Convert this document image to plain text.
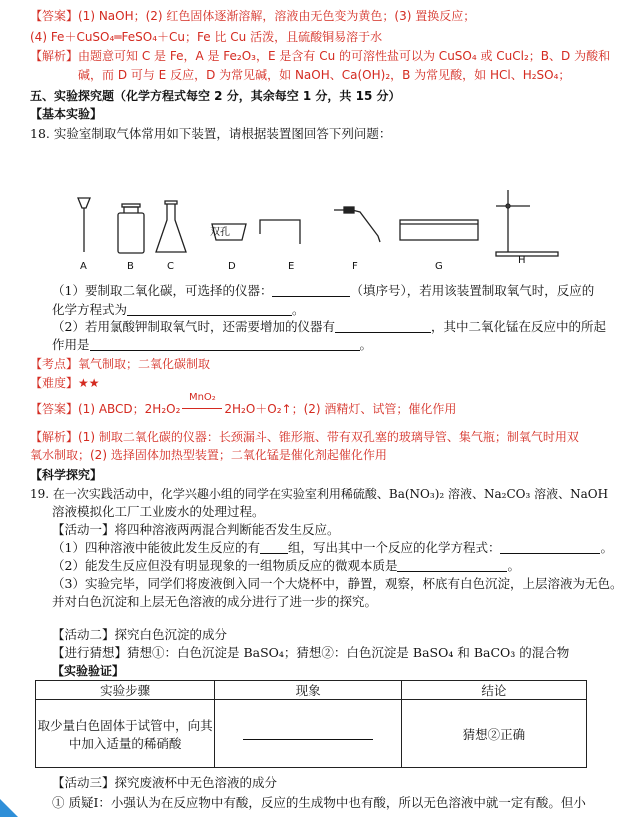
【答案】(1) NaOH；(2) 红色固体逐渐溶解，溶液由无色变为黄色；(3) 置换反应；
(4) Fe＋CuSO₄═FeSO₄＋Cu；Fe 比 Cu 活泼，且硫酸铜易溶于水
【解析】由题意可知 C 是 Fe，A 是 Fe₂O₃，E 是含有 Cu 的可溶性盐可以为 CuSO₄ 或 CuCl₂；B、D 为酸和
碱，而 D 可与 E 反应，D 为常见碱，如 NaOH、Ca(OH)₂，B 为常见酸，如 HCl、H₂SO₄；
五、实验探究题（化学方程式每空 2 分，其余每空 1 分，共 15 分）
【基本实验】
18. 实验室制取气体常用如下装置，请根据装置图回答下列问题：
双孔
A	B	C	D	E	F	G
H
（1）要制取二氧化碳，可选择的仪器：	（填序号），若用该装置制取氧气时，反应的
化学方程式为	。
（2）若用氯酸钾制取氧气时，还需要增加的仪器有	，其中二氧化锰在反应中的所起
作用是	。
【考点】氧气制取；二氧化碳制取
【难度】★★
【答案】(1) ABCD；2H₂O₂
MnO₂
2H₂O＋O₂↑；(2) 酒精灯、试管；催化作用
【解析】(1) 制取二氧化碳的仪器：长颈漏斗、锥形瓶、带有双孔塞的玻璃导管、集气瓶；制氧气时用双
氧水制取；(2) 选择固体加热型装置；二氧化锰是催化剂起催化作用
【科学探究】
19. 在一次实践活动中，化学兴趣小组的同学在实验室利用稀硫酸、Ba(NO₃)₂ 溶液、Na₂CO₃ 溶液、NaOH
溶液模拟化工厂工业废水的处理过程。
【活动一】将四种溶液两两混合判断能否发生反应。
（1）四种溶液中能彼此发生反应的有 组，写出其中一个反应的化学方程式：	。
（2）能发生反应但没有明显现象的一组物质反应的微观本质是	。
（3）实验完毕，同学们将废液倒入同一个大烧杯中，静置，观察，杯底有白色沉淀，上层溶液为无色。
并对白色沉淀和上层无色溶液的成分进行了进一步的探究。
【活动二】探究白色沉淀的成分
【进行猜想】猜想①：白色沉淀是 BaSO₄；猜想②：白色沉淀是 BaSO₄ 和 BaCO₃ 的混合物
【实验验证】
实验步骤	现象	结论

取少量白色固体于试管中，向其
中加入适量的稀硝酸		猜想②正确
【活动三】探究废液杯中无色溶液的成分
① 质疑Ⅰ：小强认为在反应物中有酸，反应的生成物中也有酸，所以无色溶液中就一定有酸。但小
